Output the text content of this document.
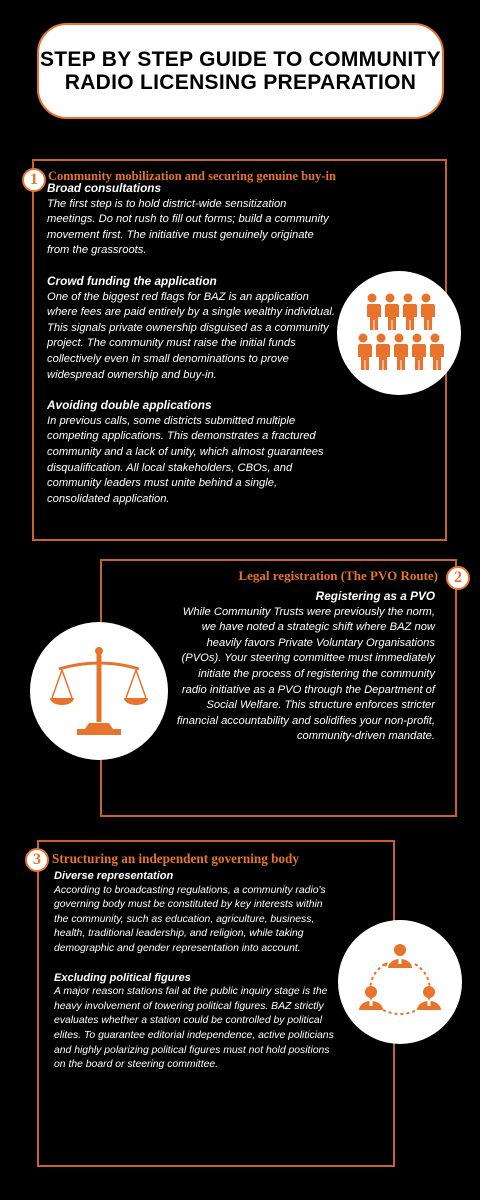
STEP BY STEP GUIDE TO COMMUNITY RADIO LICENSING PREPARATION
1 Community mobilization and securing genuine buy-in
Broad consultations
The first step is to hold district-wide sensitization meetings. Do not rush to fill out forms; build a community movement first. The initiative must genuinely originate from the grassroots.
Crowd funding the application
One of the biggest red flags for BAZ is an application where fees are paid entirely by a single wealthy individual. This signals private ownership disguised as a community project. The community must raise the initial funds collectively even in small denominations to prove widespread ownership and buy-in.
Avoiding double applications
In previous calls, some districts submitted multiple competing applications. This demonstrates a fractured community and a lack of unity, which almost guarantees disqualification. All local stakeholders, CBOs, and community leaders must unite behind a single, consolidated application.
2
Legal registration (The PVO Route)
Registering as a PVO
While Community Trusts were previously the norm, we have noted a strategic shift where BAZ now heavily favors Private Voluntary Organisations (PVOs). Your steering committee must immediately initiate the process of registering the community radio initiative as a PVO through the Department of Social Welfare. This structure enforces stricter financial accountability and solidifies your non-profit, community-driven mandate.
3 Structuring an independent governing body
Diverse representation
According to broadcasting regulations, a community radio's governing body must be constituted by key interests within the community, such as education, agriculture, business, health, traditional leadership, and religion, while taking demographic and gender representation into account.
Excluding political figures
A major reason stations fail at the public inquiry stage is the heavy involvement of towering political figures. BAZ strictly evaluates whether a station could be controlled by political elites. To guarantee editorial independence, active politicians and highly polarizing political figures must not hold positions on the board or steering committee.
